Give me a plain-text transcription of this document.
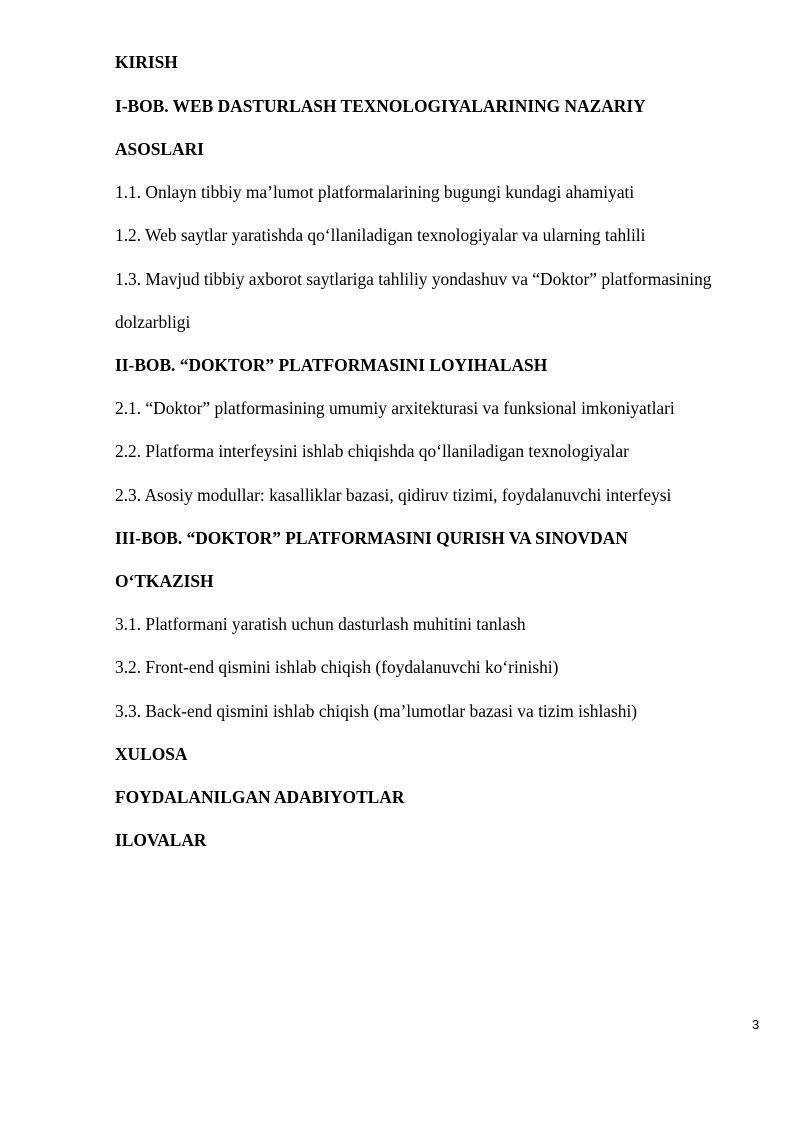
KIRISH
I-BOB. WEB DASTURLASH TEXNOLOGIYALARINING NAZARIY
ASOSLARI
1.1. Onlayn tibbiy ma’lumot platformalarining bugungi kundagi ahamiyati
1.2. Web saytlar yaratishda qo‘llaniladigan texnologiyalar va ularning tahlili
1.3. Mavjud tibbiy axborot saytlariga tahliliy yondashuv va “Doktor” platformasining
dolzarbligi
II-BOB. “DOKTOR” PLATFORMASINI LOYIHALASH
2.1. “Doktor” platformasining umumiy arxitekturasi va funksional imkoniyatlari
2.2. Platforma interfeysini ishlab chiqishda qo‘llaniladigan texnologiyalar
2.3. Asosiy modullar: kasalliklar bazasi, qidiruv tizimi, foydalanuvchi interfeysi
III-BOB. “DOKTOR” PLATFORMASINI QURISH VA SINOVDAN
O‘TKAZISH
3.1. Platformani yaratish uchun dasturlash muhitini tanlash
3.2. Front-end qismini ishlab chiqish (foydalanuvchi ko‘rinishi)
3.3. Back-end qismini ishlab chiqish (ma’lumotlar bazasi va tizim ishlashi)
XULOSA
FOYDALANILGAN ADABIYOTLAR
ILOVALAR
3
